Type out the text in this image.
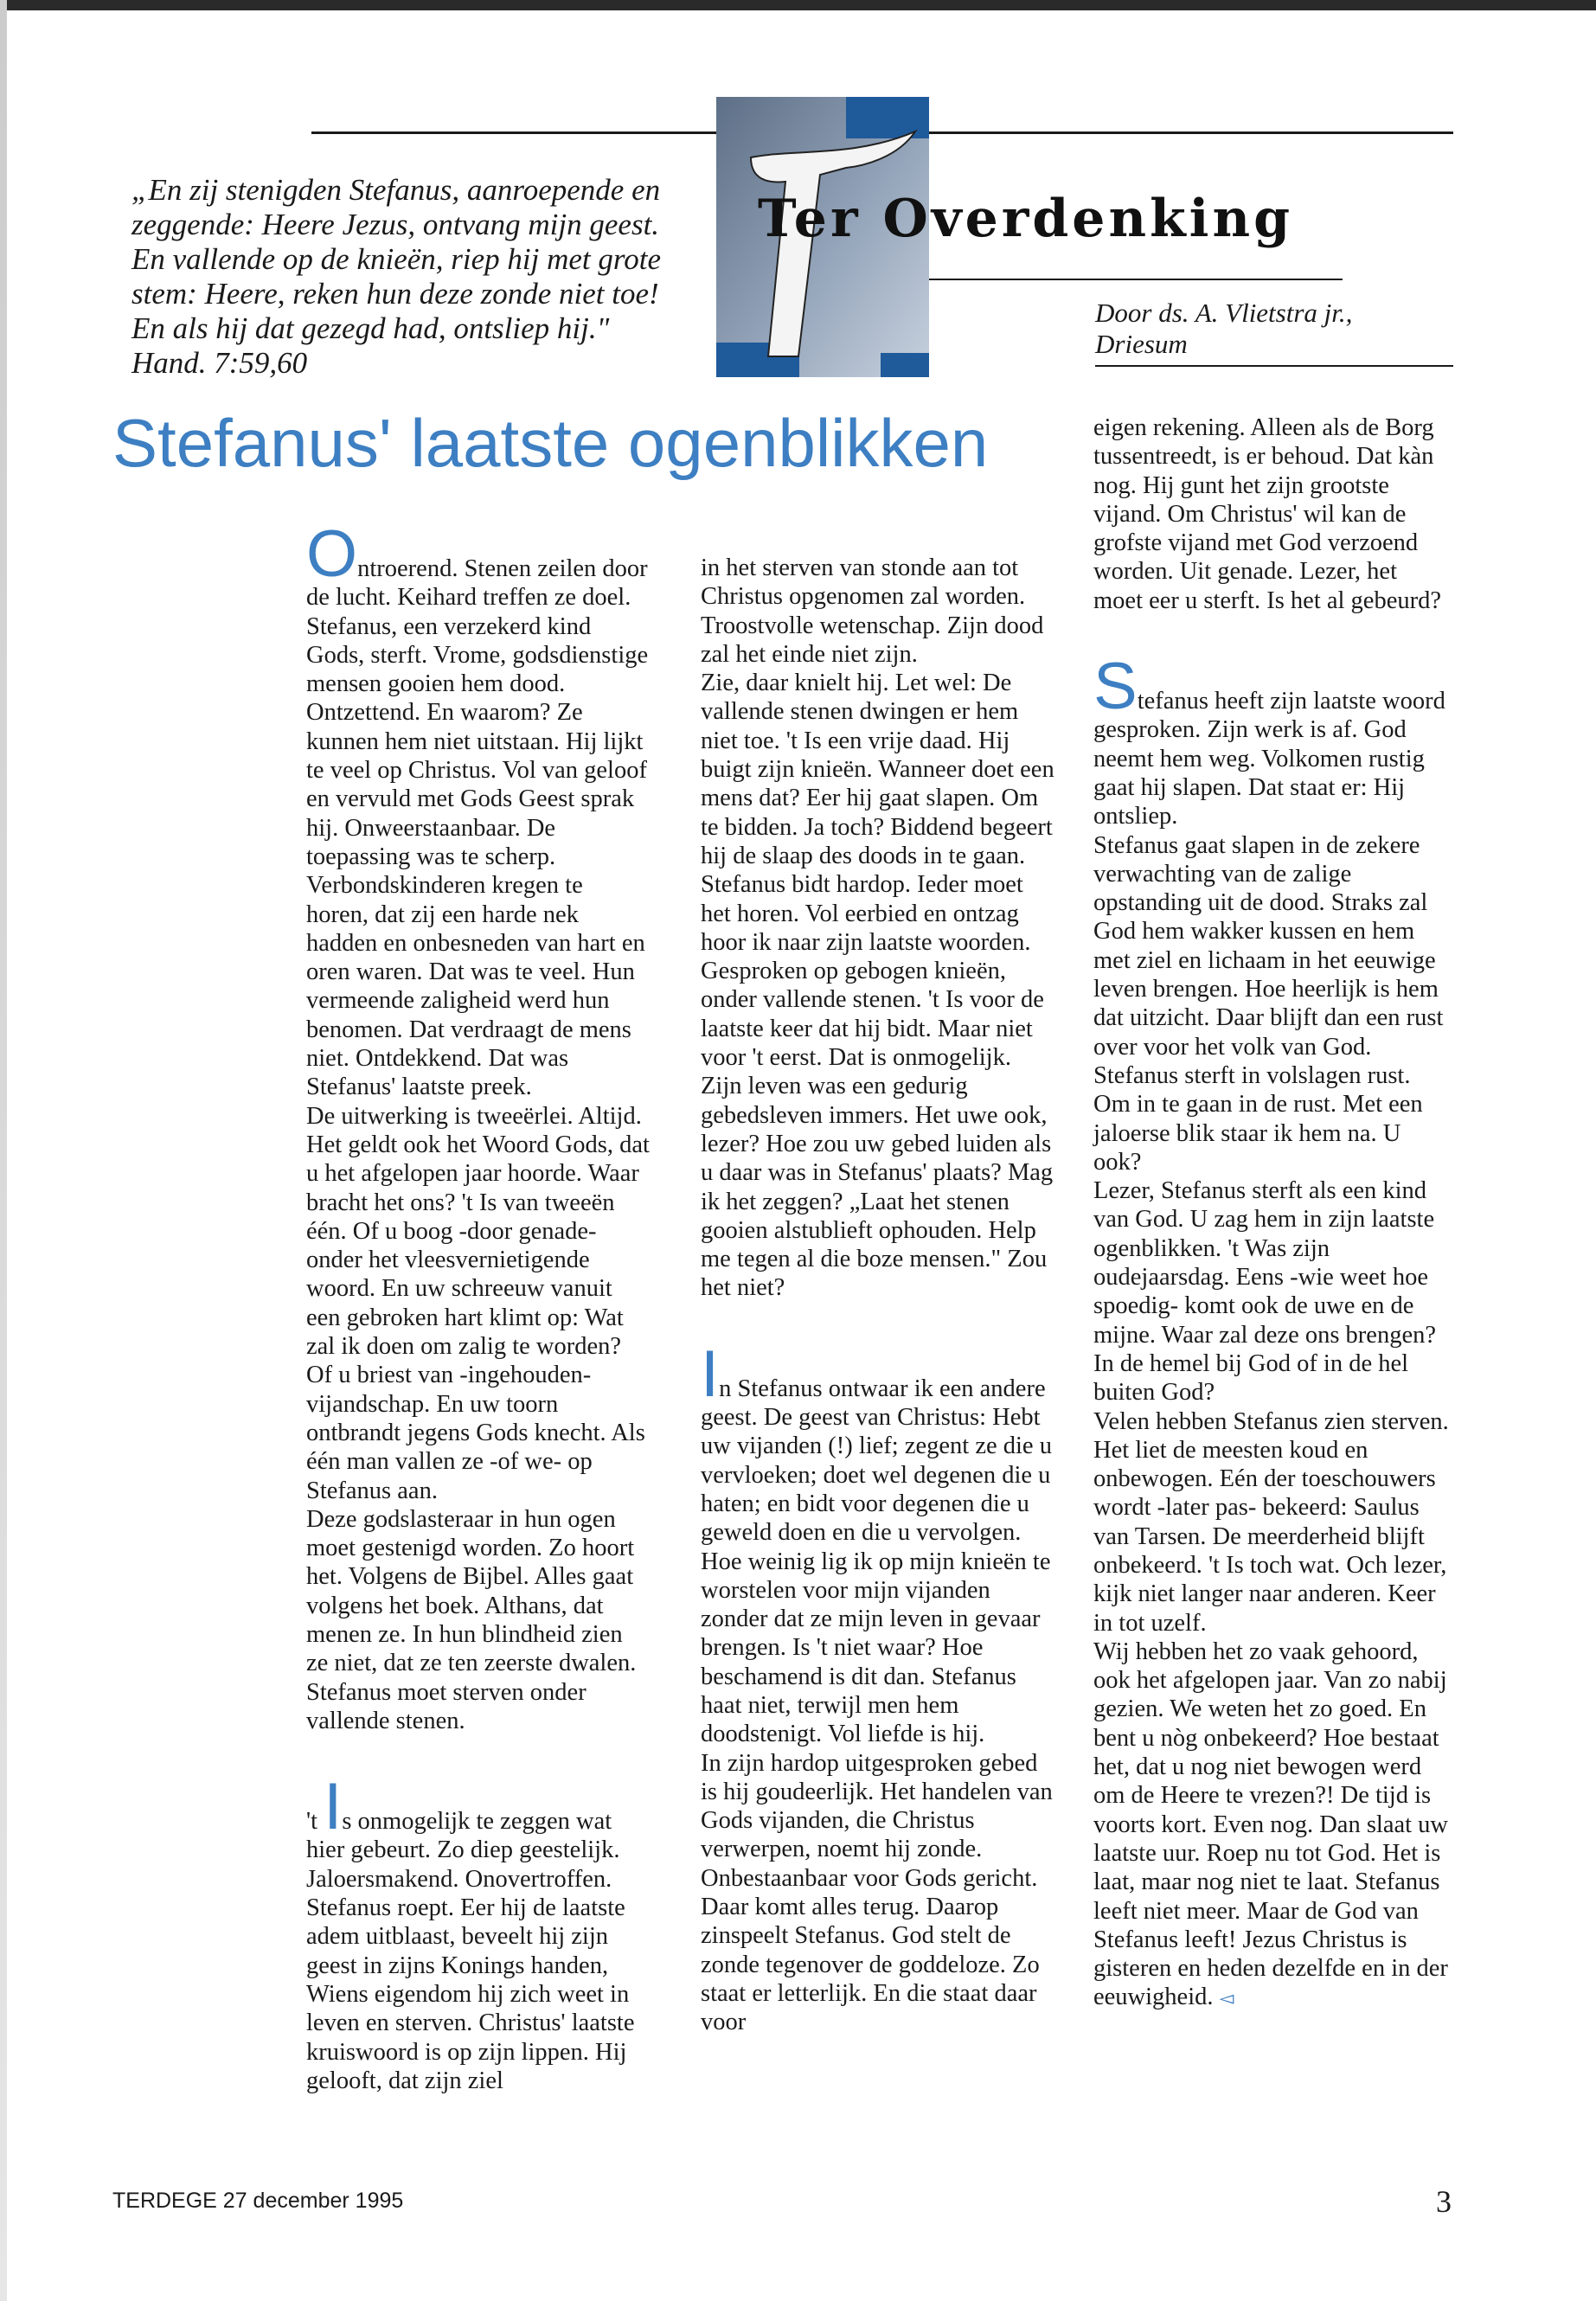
„En zij stenigden Stefanus, aanroepende en zeggende: Heere Jezus, ontvang mijn geest. En vallende op de knieën, riep hij met grote stem: Heere, reken hun deze zonde niet toe! En als hij dat gezegd had, ontsliep hij." Hand. 7:59,60
Ter Overdenking
Door ds. A. Vlietstra jr.,
Driesum
Stefanus' laatste ogenblikken

Ontroerend. Stenen zeilen door de lucht. Keihard treffen ze doel. Stefanus, een verzekerd kind Gods, sterft. Vrome, godsdienstige mensen gooien hem dood. Ontzettend. En waarom? Ze kunnen hem niet uitstaan. Hij lijkt te veel op Christus. Vol van geloof en vervuld met Gods Geest sprak hij. Onweerstaanbaar. De toepassing was te scherp. Verbondskinderen kregen te horen, dat zij een harde nek hadden en onbesneden van hart en oren waren. Dat was te veel. Hun vermeende zaligheid werd hun benomen. Dat verdraagt de mens niet. Ontdekkend. Dat was Stefanus' laatste preek.

De uitwerking is tweeërlei. Altijd. Het geldt ook het Woord Gods, dat u het afgelopen jaar hoorde. Waar bracht het ons? 't Is van tweeën één. Of u boog -door genade- onder het vleesvernietigende woord. En uw schreeuw vanuit een gebroken hart klimt op: Wat zal ik doen om zalig te worden? Of u briest van -ingehouden- vijandschap. En uw toorn ontbrandt jegens Gods knecht. Als één man vallen ze -of we- op Stefanus aan.

Deze godslasteraar in hun ogen moet gestenigd worden. Zo hoort het. Volgens de Bijbel. Alles gaat volgens het boek. Althans, dat menen ze. In hun blindheid zien ze niet, dat ze ten zeerste dwalen. Stefanus moet sterven onder vallende stenen.

't Is onmogelijk te zeggen wat hier gebeurt. Zo diep geestelijk. Jaloersmakend. Onovertroffen. Stefanus roept. Eer hij de laatste adem uitblaast, beveelt hij zijn geest in zijns Konings handen, Wiens eigendom hij zich weet in leven en sterven. Christus' laatste kruiswoord is op zijn lippen. Hij gelooft, dat zijn ziel

in het sterven van stonde aan tot Christus opgenomen zal worden. Troostvolle wetenschap. Zijn dood zal het einde niet zijn.

Zie, daar knielt hij. Let wel: De vallende stenen dwingen er hem niet toe. 't Is een vrije daad. Hij buigt zijn knieën. Wanneer doet een mens dat? Eer hij gaat slapen. Om te bidden. Ja toch? Biddend begeert hij de slaap des doods in te gaan. Stefanus bidt hardop. Ieder moet het horen. Vol eerbied en ontzag hoor ik naar zijn laatste woorden. Gesproken op gebogen knieën, onder vallende stenen. 't Is voor de laatste keer dat hij bidt. Maar niet voor 't eerst. Dat is onmogelijk. Zijn leven was een gedurig gebedsleven immers. Het uwe ook, lezer? Hoe zou uw gebed luiden als u daar was in Stefanus' plaats? Mag ik het zeggen? „Laat het stenen gooien alstublieft ophouden. Help me tegen al die boze mensen." Zou het niet?

In Stefanus ontwaar ik een andere geest. De geest van Christus: Hebt uw vijanden (!) lief; zegent ze die u vervloeken; doet wel degenen die u haten; en bidt voor degenen die u geweld doen en die u vervolgen. Hoe weinig lig ik op mijn knieën te worstelen voor mijn vijanden zonder dat ze mijn leven in gevaar brengen. Is 't niet waar? Hoe beschamend is dit dan. Stefanus haat niet, terwijl men hem doodstenigt. Vol liefde is hij.

In zijn hardop uitgesproken gebed is hij goudeerlijk. Het handelen van Gods vijanden, die Christus verwerpen, noemt hij zonde. Onbestaanbaar voor Gods gericht. Daar komt alles terug. Daarop zinspeelt Stefanus. God stelt de zonde tegenover de goddeloze. Zo staat er letterlijk. En die staat daar voor

eigen rekening. Alleen als de Borg tussentreedt, is er behoud. Dat kàn nog. Hij gunt het zijn grootste vijand. Om Christus' wil kan de grofste vijand met God verzoend worden. Uit genade. Lezer, het moet eer u sterft. Is het al gebeurd?

Stefanus heeft zijn laatste woord gesproken. Zijn werk is af. God neemt hem weg. Volkomen rustig gaat hij slapen. Dat staat er: Hij ontsliep.

Stefanus gaat slapen in de zekere verwachting van de zalige opstanding uit de dood. Straks zal God hem wakker kussen en hem met ziel en lichaam in het eeuwige leven brengen. Hoe heerlijk is hem dat uitzicht. Daar blijft dan een rust over voor het volk van God. Stefanus sterft in volslagen rust. Om in te gaan in de rust. Met een jaloerse blik staar ik hem na. U ook?

Lezer, Stefanus sterft als een kind van God. U zag hem in zijn laatste ogenblikken. 't Was zijn oudejaarsdag. Eens -wie weet hoe spoedig- komt ook de uwe en de mijne. Waar zal deze ons brengen? In de hemel bij God of in de hel buiten God?

Velen hebben Stefanus zien sterven. Het liet de meesten koud en onbewogen. Eén der toeschouwers wordt -later pas- bekeerd: Saulus van Tarsen. De meerderheid blijft onbekeerd. 't Is toch wat. Och lezer, kijk niet langer naar anderen. Keer in tot uzelf.

Wij hebben het zo vaak gehoord, ook het afgelopen jaar. Van zo nabij gezien. We weten het zo goed. En bent u nòg onbekeerd? Hoe bestaat het, dat u nog niet bewogen werd om de Heere te vrezen?! De tijd is voorts kort. Even nog. Dan slaat uw laatste uur. Roep nu tot God. Het is laat, maar nog niet te laat. Stefanus leeft niet meer. Maar de God van Stefanus leeft! Jezus Christus is gisteren en heden dezelfde en in der eeuwigheid. ◅

TERDEGE 27 december 1995	3
